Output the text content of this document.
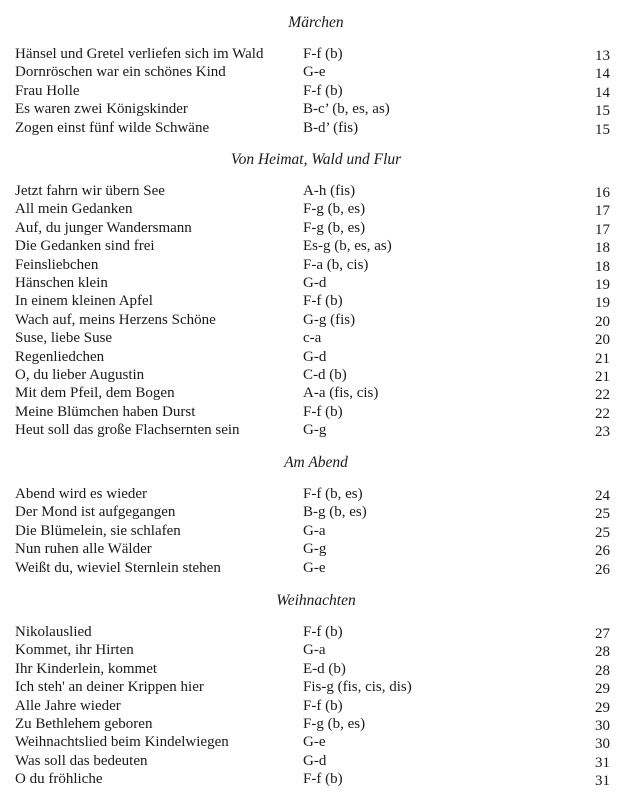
Märchen
Hänsel und Gretel verliefen sich im Wald	F-f (b)	13
Dornröschen war ein schönes Kind	G-e	14
Frau Holle	F-f (b)	14
Es waren zwei Königskinder	B-c’ (b, es, as)	15
Zogen einst fünf wilde Schwäne	B-d’ (fis)	15
Von Heimat, Wald und Flur
Jetzt fahrn wir übern See	A-h (fis)	16
All mein Gedanken	F-g (b, es)	17
Auf, du junger Wandersmann	F-g (b, es)	17
Die Gedanken sind frei	Es-g (b, es, as)	18
Feinsliebchen	F-a (b, cis)	18
Hänschen klein	G-d	19
In einem kleinen Apfel	F-f (b)	19
Wach auf, meins Herzens Schöne	G-g (fis)	20
Suse, liebe Suse	c-a	20
Regenliedchen	G-d	21
O, du lieber Augustin	C-d (b)	21
Mit dem Pfeil, dem Bogen	A-a (fis, cis)	22
Meine Blümchen haben Durst	F-f (b)	22
Heut soll das große Flachsernten sein	G-g	23
Am Abend
Abend wird es wieder	F-f (b, es)	24
Der Mond ist aufgegangen	B-g (b, es)	25
Die Blümelein, sie schlafen	G-a	25
Nun ruhen alle Wälder	G-g	26
Weißt du, wieviel Sternlein stehen	G-e	26
Weihnachten
Nikolauslied	F-f (b)	27
Kommet, ihr Hirten	G-a	28
Ihr Kinderlein, kommet	E-d (b)	28
Ich steh' an deiner Krippen hier	Fis-g (fis, cis, dis)	29
Alle Jahre wieder	F-f (b)	29
Zu Bethlehem geboren	F-g (b, es)	30
Weihnachtslied beim Kindelwiegen	G-e	30
Was soll das bedeuten	G-d	31
O du fröhliche	F-f (b)	31
